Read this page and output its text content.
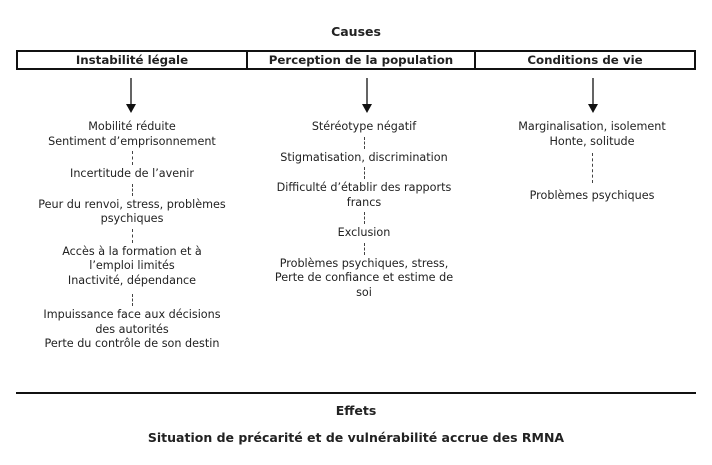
Causes
Instabilité légale	Perception de la population	Conditions de vie
Mobilité réduite
Sentiment d’emprisonnement
Incertitude de l’avenir
Peur du renvoi, stress, problèmes
psychiques
Accès à la formation et à
l’emploi limités
Inactivité, dépendance
Impuissance face aux décisions
des autorités
Perte du contrôle de son destin
Stéréotype négatif
Stigmatisation, discrimination
Difficulté d’établir des rapports
francs
Exclusion
Problèmes psychiques, stress,
Perte de confiance et estime de
soi
Marginalisation, isolement
Honte, solitude
Problèmes psychiques
Effets
Situation de précarité et de vulnérabilité accrue des RMNA
